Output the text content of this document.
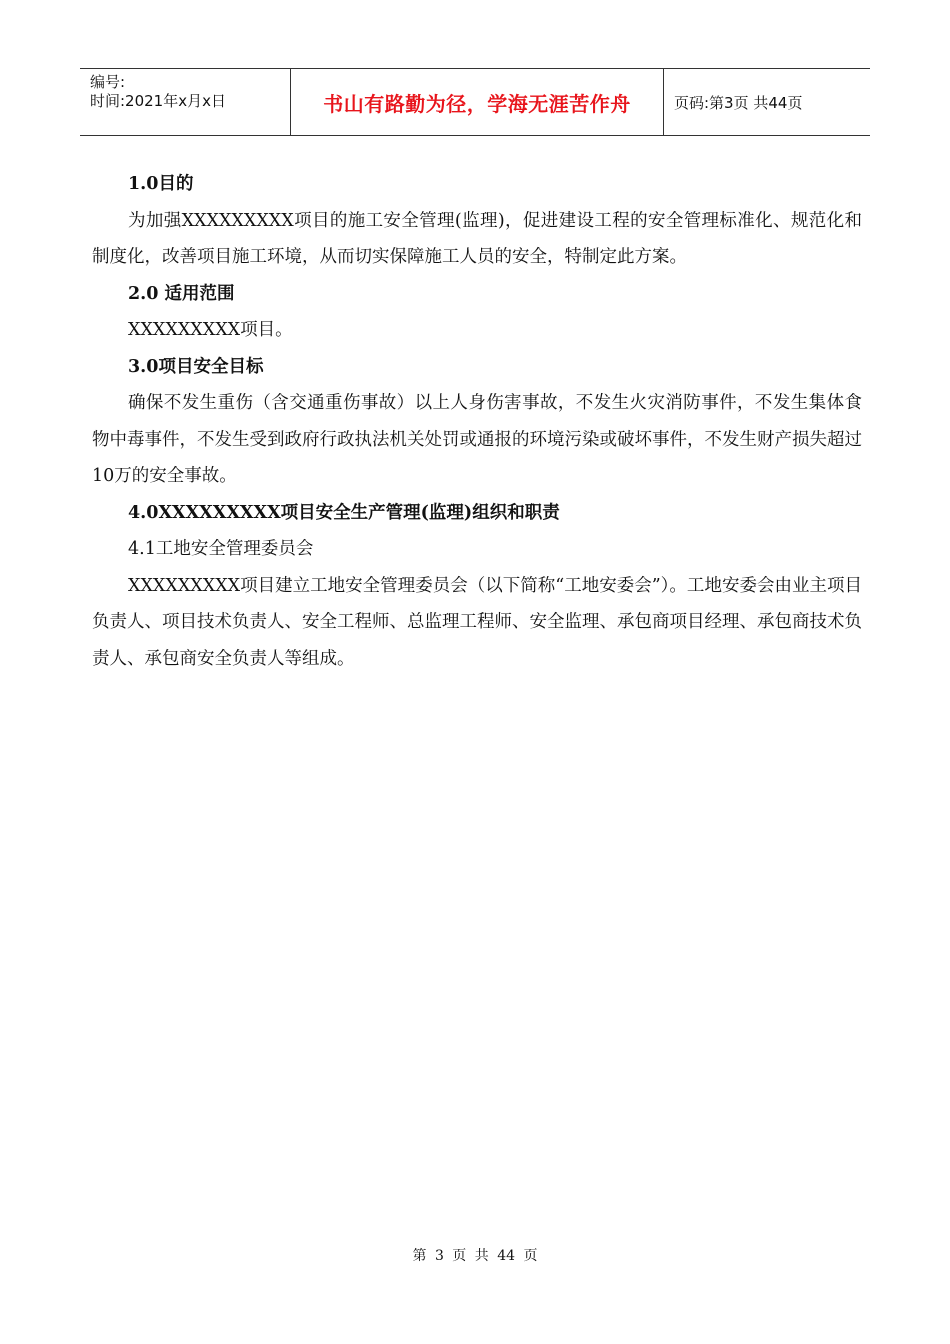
编号:
时间:2021年x月x日	书山有路勤为径，学海无涯苦作舟	页码:第3页 共44页

1.0目的

为加强XXXXXXXXX项目的施工安全管理(监理)，促进建设工程的安全管理标准化、规范化和制度化，改善项目施工环境，从而切实保障施工人员的安全，特制定此方案。

2.0 适用范围

XXXXXXXXX项目。

3.0项目安全目标

确保不发生重伤（含交通重伤事故）以上人身伤害事故，不发生火灾消防事件，不发生集体食物中毒事件，不发生受到政府行政执法机关处罚或通报的环境污染或破坏事件，不发生财产损失超过10万的安全事故。

4.0XXXXXXXXX项目安全生产管理(监理)组织和职责

4.1工地安全管理委员会

XXXXXXXXX项目建立工地安全管理委员会（以下简称“工地安委会”）。工地安委会由业主项目负责人、项目技术负责人、安全工程师、总监理工程师、安全监理、承包商项目经理、承包商技术负责人、承包商安全负责人等组成。

第 3 页 共 44 页
